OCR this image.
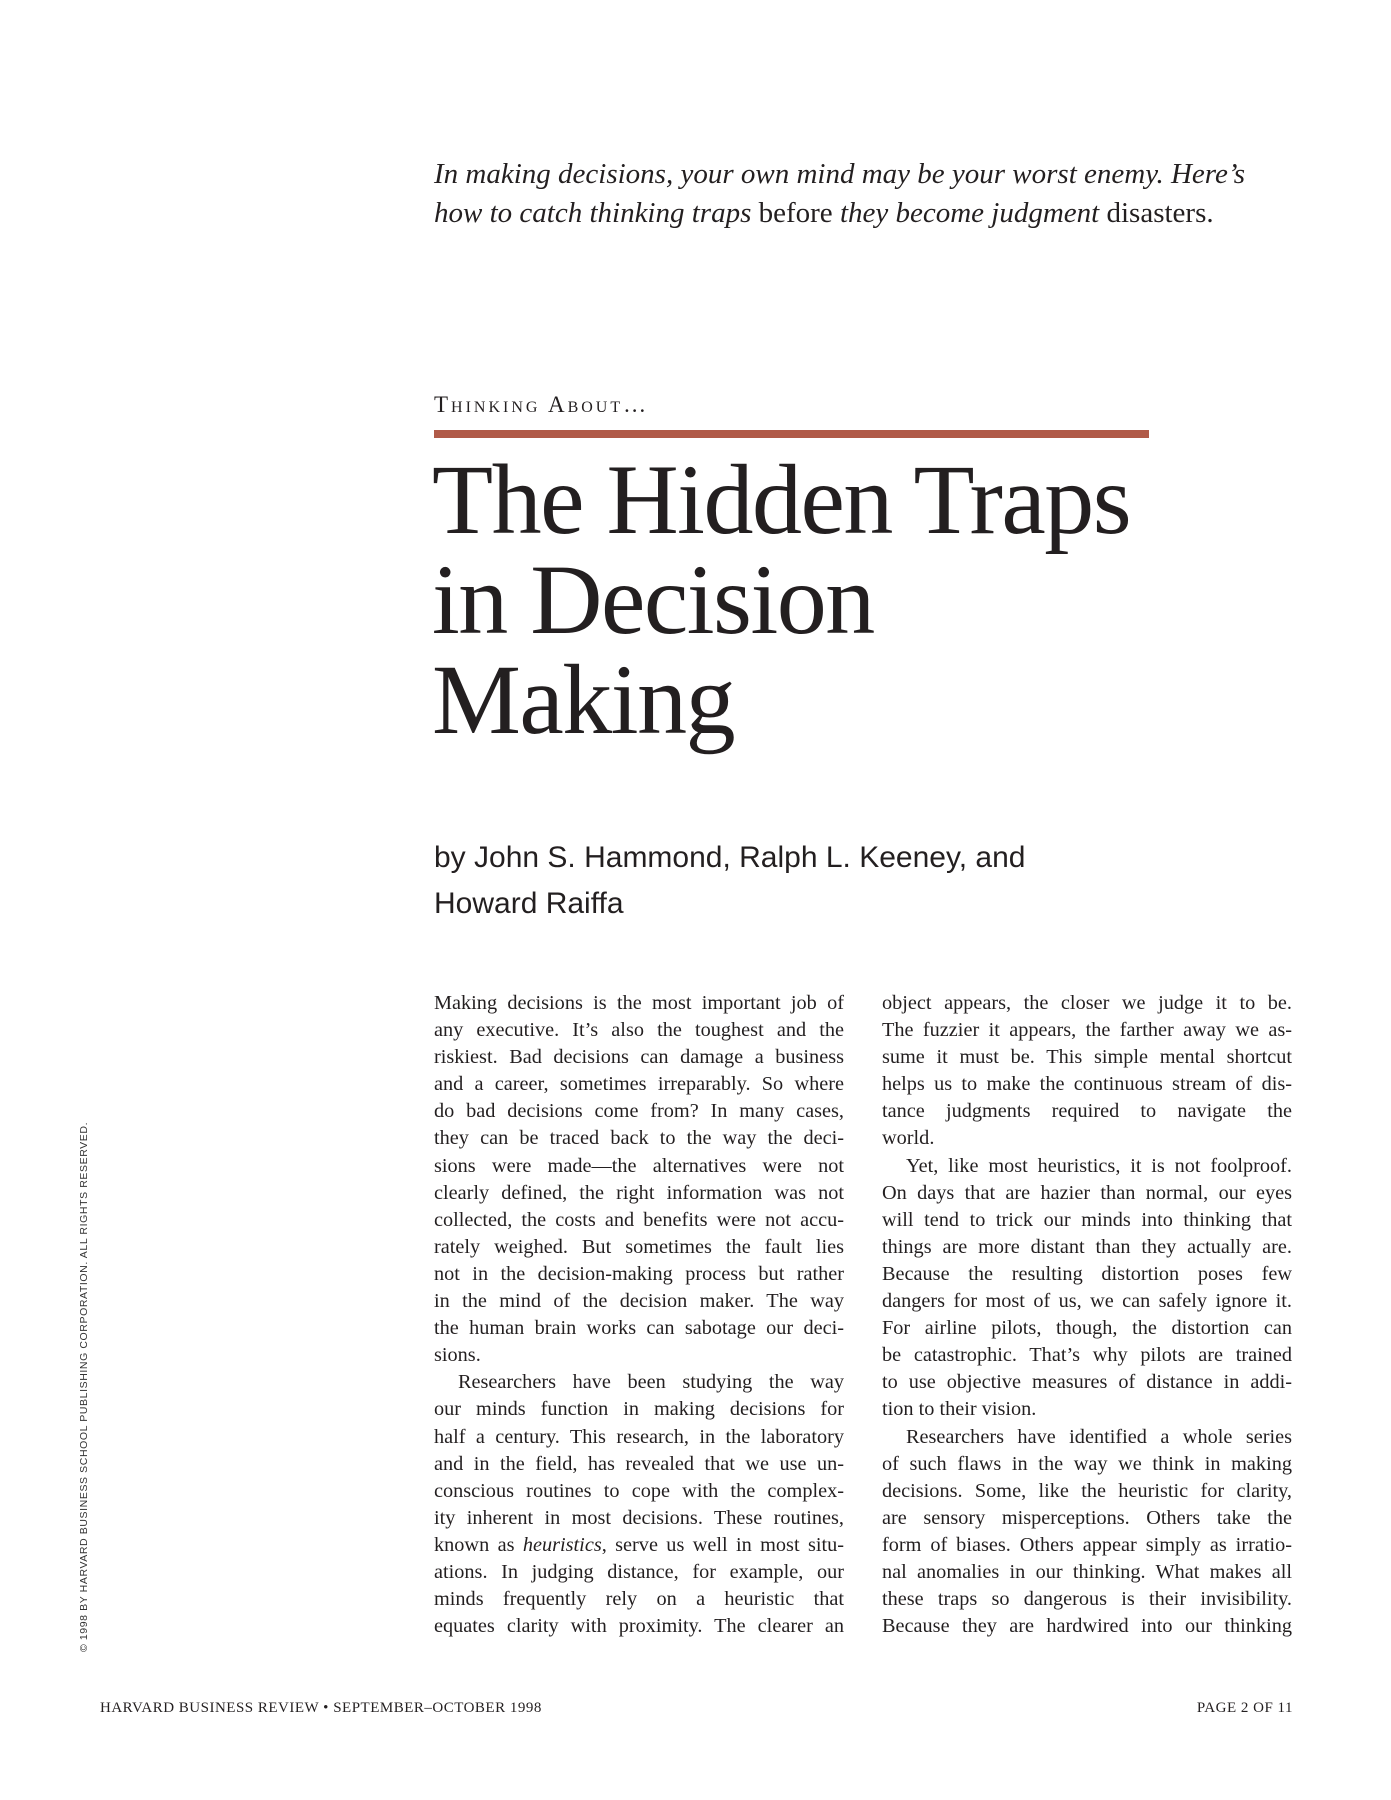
© 1998 BY HARVARD BUSINESS SCHOOL PUBLISHING CORPORATION. ALL RIGHTS RESERVED.
In making decisions, your own mind may be your worst enemy. Here’s
how to catch thinking traps before they become judgment disasters.
Thinking About…
The Hidden Traps
in Decision
Making
by John S. Hammond, Ralph L. Keeney, and
Howard Raiffa
Making decisions is the most important job of
any executive. It’s also the toughest and the
riskiest. Bad decisions can damage a business
and a career, sometimes irreparably. So where
do bad decisions come from? In many cases,
they can be traced back to the way the deci-
sions were made—the alternatives were not
clearly defined, the right information was not
collected, the costs and benefits were not accu-
rately weighed. But sometimes the fault lies
not in the decision-making process but rather
in the mind of the decision maker. The way
the human brain works can sabotage our deci-
sions.
Researchers have been studying the way
our minds function in making decisions for
half a century. This research, in the laboratory
and in the field, has revealed that we use un-
conscious routines to cope with the complex-
ity inherent in most decisions. These routines,
known as heuristics, serve us well in most situ-
ations. In judging distance, for example, our
minds frequently rely on a heuristic that
equates clarity with proximity. The clearer an
object appears, the closer we judge it to be.
The fuzzier it appears, the farther away we as-
sume it must be. This simple mental shortcut
helps us to make the continuous stream of dis-
tance judgments required to navigate the
world.
Yet, like most heuristics, it is not foolproof.
On days that are hazier than normal, our eyes
will tend to trick our minds into thinking that
things are more distant than they actually are.
Because the resulting distortion poses few
dangers for most of us, we can safely ignore it.
For airline pilots, though, the distortion can
be catastrophic. That’s why pilots are trained
to use objective measures of distance in addi-
tion to their vision.
Researchers have identified a whole series
of such flaws in the way we think in making
decisions. Some, like the heuristic for clarity,
are sensory misperceptions. Others take the
form of biases. Others appear simply as irratio-
nal anomalies in our thinking. What makes all
these traps so dangerous is their invisibility.
Because they are hardwired into our thinking
HARVARD BUSINESS REVIEW • SEPTEMBER–OCTOBER 1998	PAGE 2 OF 11
